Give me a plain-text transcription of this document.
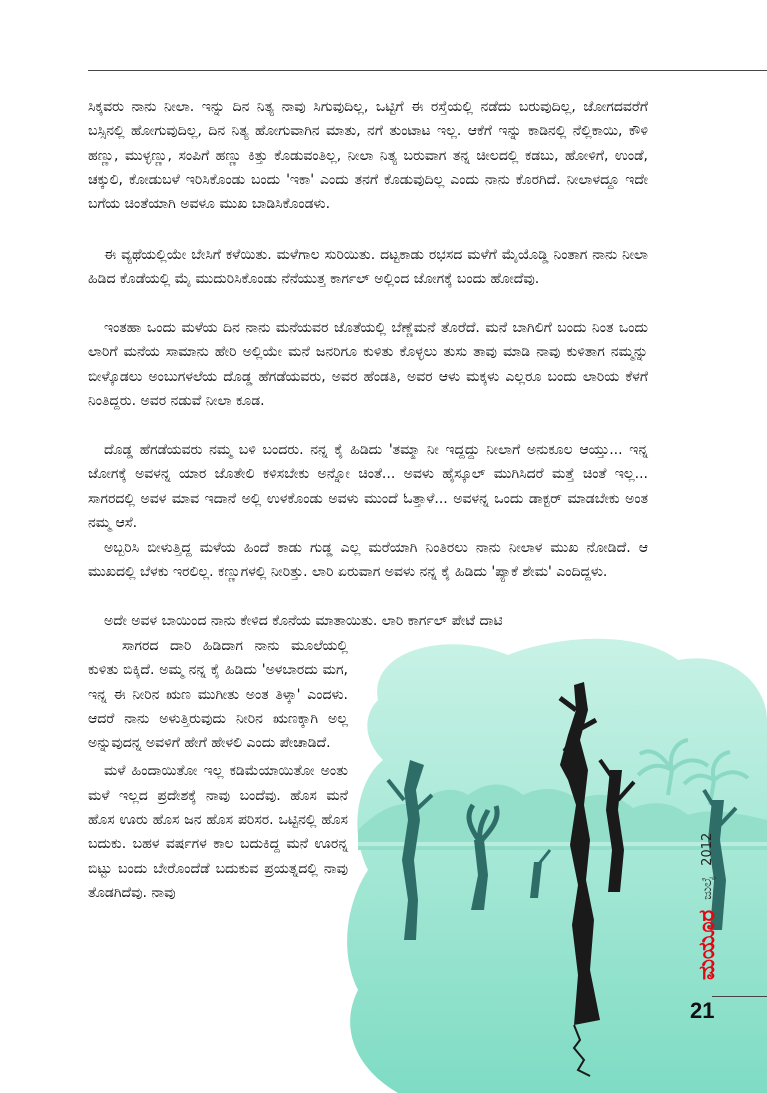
ಸಿಕ್ಕವರು ನಾನು ನೀಲಾ. ಇನ್ನು ದಿನ ನಿತ್ಯ ನಾವು ಸಿಗುವುದಿಲ್ಲ, ಒಟ್ಟಿಗೆ ಈ ರಸ್ತೆಯಲ್ಲಿ ನಡೆದು ಬರುವುದಿಲ್ಲ, ಜೋಗದವರೆಗೆ ಬಸ್ಸಿನಲ್ಲಿ ಹೋಗುವುದಿಲ್ಲ, ದಿನ ನಿತ್ಯ ಹೋಗುವಾಗಿನ ಮಾತು, ನಗೆ ತುಂಟಾಟ ಇಲ್ಲ. ಆಕೆಗೆ ಇನ್ನು ಕಾಡಿನಲ್ಲಿ ನೆಲ್ಲಿಕಾಯಿ, ಕೌಳಿ ಹಣ್ಣು, ಮುಳ್ಳಣ್ಣು, ಸಂಪಿಗೆ ಹಣ್ಣು ಕಿತ್ತು ಕೊಡುವಂತಿಲ್ಲ, ನೀಲಾ ನಿತ್ಯ ಬರುವಾಗ ತನ್ನ ಚೀಲದಲ್ಲಿ ಕಡಬು, ಹೋಳಿಗೆ, ಉಂಡೆ, ಚಕ್ಕುಲಿ, ಕೋಡುಬಳೆ ಇರಿಸಿಕೊಂಡು ಬಂದು 'ಇಕಾ' ಎಂದು ತನಗೆ ಕೊಡುವುದಿಲ್ಲ ಎಂದು ನಾನು ಕೊರಗಿದೆ. ನೀಲಾಳದ್ದೂ ಇದೇ ಬಗೆಯ ಚಿಂತೆಯಾಗಿ ಅವಳೂ ಮುಖ ಬಾಡಿಸಿಕೊಂಡಳು.

ಈ ವ್ಯಥೆಯಲ್ಲಿಯೇ ಬೇಸಿಗೆ ಕಳೆಯಿತು. ಮಳೆಗಾಲ ಸುರಿಯಿತು. ದಟ್ಟಕಾಡು ರಭಸದ ಮಳೆಗೆ ಮೈಯೊಡ್ಡಿ ನಿಂತಾಗ ನಾನು ನೀಲಾ ಹಿಡಿದ ಕೊಡೆಯಲ್ಲಿ ಮೈ ಮುದುರಿಸಿಕೊಂಡು ನೆನೆಯುತ್ತ ಕಾರ್ಗಲ್ ಅಲ್ಲಿಂದ ಜೋಗಕ್ಕೆ ಬಂದು ಹೋದೆವು.

ಇಂತಹಾ ಒಂದು ಮಳೆಯ ದಿನ ನಾನು ಮನೆಯವರ ಜೊತೆಯಲ್ಲಿ ಬೆಣ್ಣೆಮನೆ ತೊರೆದೆ. ಮನೆ ಬಾಗಿಲಿಗೆ ಬಂದು ನಿಂತ ಒಂದು ಲಾರಿಗೆ ಮನೆಯ ಸಾಮಾನು ಹೇರಿ ಅಲ್ಲಿಯೇ ಮನೆ ಜನರಿಗೂ ಕುಳಿತು ಕೊಳ್ಳಲು ತುಸು ತಾವು ಮಾಡಿ ನಾವು ಕುಳಿತಾಗ ನಮ್ಮನ್ನು ಬೀಳ್ಕೊಡಲು ಅಂಬುಗಳಲೆಯ ದೊಡ್ಡ ಹೆಗಡೆಯವರು, ಅವರ ಹೆಂಡತಿ, ಅವರ ಆಳು ಮಕ್ಕಳು ಎಲ್ಲರೂ ಬಂದು ಲಾರಿಯ ಕೆಳಗೆ ನಿಂತಿದ್ದರು. ಅವರ ನಡುವೆ ನೀಲಾ ಕೂಡ.

ದೊಡ್ಡ ಹೆಗಡೆಯವರು ನಮ್ಮ ಬಳಿ ಬಂದರು. ನನ್ನ ಕೈ ಹಿಡಿದು 'ತಮ್ಮಾ ನೀ ಇದ್ದದ್ದು ನೀಲಾಗೆ ಅನುಕೂಲ ಆಯ್ತು... ಇನ್ನ ಜೋಗಕ್ಕೆ ಅವಳನ್ನ ಯಾರ ಜೊತೇಲಿ ಕಳಿಸಬೇಕು ಅನ್ನೋ ಚಿಂತೆ... ಅವಳು ಹೈಸ್ಕೂಲ್ ಮುಗಿಸಿದರೆ ಮತ್ತೆ ಚಿಂತೆ ಇಲ್ಲ... ಸಾಗರದಲ್ಲಿ ಅವಳ ಮಾವ ಇದಾನೆ ಅಲ್ಲಿ ಉಳಕೊಂಡು ಅವಳು ಮುಂದೆ ಓತ್ತಾಳೆ... ಅವಳನ್ನ ಒಂದು ಡಾಕ್ಟರ್ ಮಾಡಬೇಕು ಅಂತ ನಮ್ಮ ಆಸೆ.

ಅಬ್ಬರಿಸಿ ಬೀಳುತ್ತಿದ್ದ ಮಳೆಯ ಹಿಂದೆ ಕಾಡು ಗುಡ್ಡ ಎಲ್ಲ ಮರೆಯಾಗಿ ನಿಂತಿರಲು ನಾನು ನೀಲಾಳ ಮುಖ ನೋಡಿದೆ. ಆ ಮುಖದಲ್ಲಿ ಬೆಳಕು ಇರಲಿಲ್ಲ. ಕಣ್ಣುಗಳಲ್ಲಿ ನೀರಿತ್ತು. ಲಾರಿ ಏರುವಾಗ ಅವಳು ನನ್ನ ಕೈ ಹಿಡಿದು 'ಪ್ಯಾಕೆ ಶೇಮ' ಎಂದಿದ್ದಳು.

ಅದೇ ಅವಳ ಬಾಯಿಂದ ನಾನು ಕೇಳಿದ ಕೊನೆಯ ಮಾತಾಯಿತು. ಲಾರಿ ಕಾರ್ಗಲ್ ಪೇಟೆ ದಾಟಿ

ಸಾಗರದ ದಾರಿ ಹಿಡಿದಾಗ ನಾನು ಮೂಲೆಯಲ್ಲಿ ಕುಳಿತು ಬಿಕ್ಕಿದೆ. ಅಮ್ಮ ನನ್ನ ಕೈ ಹಿಡಿದು 'ಅಳಬಾರದು ಮಗ, ಇನ್ನ ಈ ನೀರಿನ ಋಣ ಮುಗೀತು ಅಂತ ತಿಳ್ಕಾ' ಎಂದಳು. ಆದರೆ ನಾನು ಅಳುತ್ತಿರುವುದು ನೀರಿನ ಋಣಕ್ಕಾಗಿ ಅಲ್ಲ ಅನ್ನುವುದನ್ನ ಅವಳಿಗೆ ಹೇಗೆ ಹೇಳಲಿ ಎಂದು ಪೇಚಾಡಿದೆ.

ಮಳೆ ಹಿಂದಾಯಿತೋ ಇಲ್ಲ ಕಡಿಮೆಯಾಯಿತೋ ಅಂತು ಮಳೆ ಇಲ್ಲದ ಪ್ರದೇಶಕ್ಕೆ ನಾವು ಬಂದೆವು. ಹೊಸ ಮನೆ ಹೊಸ ಊರು ಹೊಸ ಜನ ಹೊಸ ಪರಿಸರ. ಒಟ್ಟಿನಲ್ಲಿ ಹೊಸ ಬದುಕು. ಬಹಳ ವರ್ಷಗಳ ಕಾಲ ಬದುಕಿದ್ದ ಮನೆ ಊರನ್ನ ಬಿಟ್ಟು ಬಂದು ಬೇರೊಂದೆಡೆ ಬದುಕುವ ಪ್ರಯತ್ನದಲ್ಲಿ ನಾವು ತೊಡಗಿದೆವು. ನಾವು

ಮಯೂರ
ಜುಲೈ
2012
21
